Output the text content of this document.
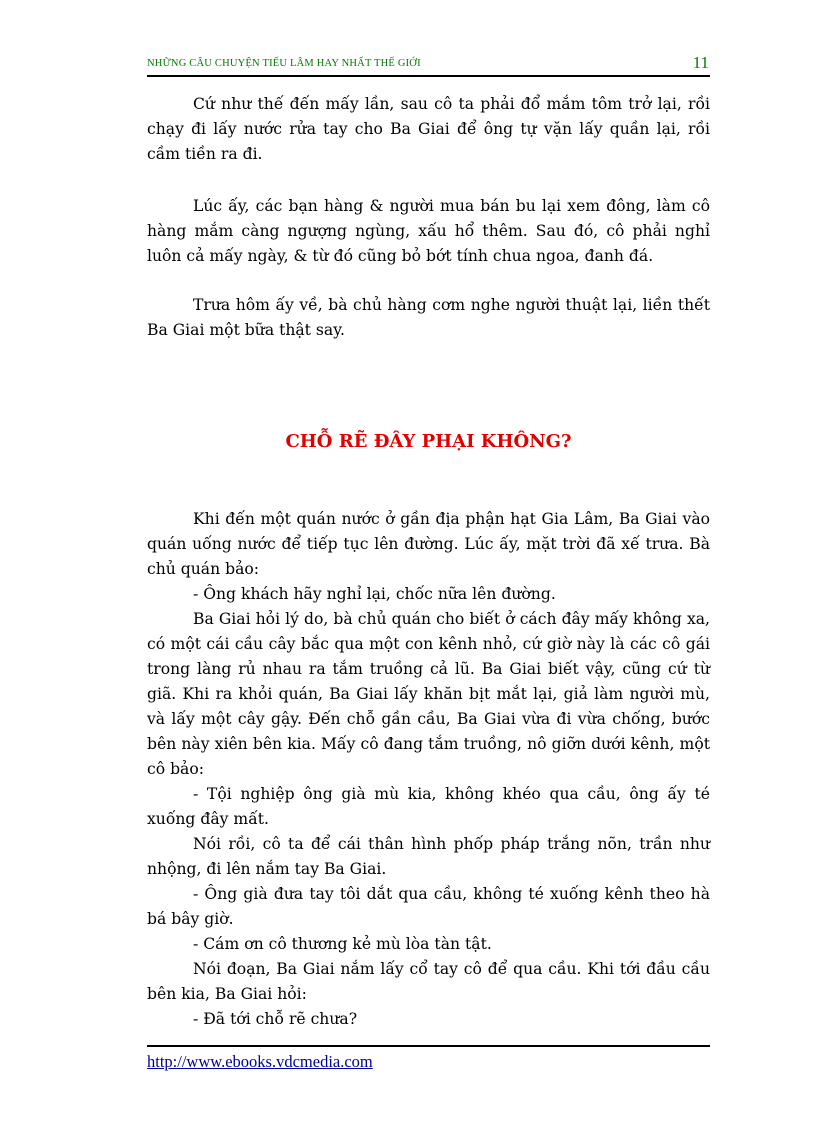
NHỮNG CÂU CHUYỆN TIẾU LÂM HAY NHẤT THẾ GIỚI	11

Cứ như thế đến mấy lần, sau cô ta phải đổ mắm tôm trở lại, rồi chạy đi lấy nước rửa tay cho Ba Giai để ông tự vặn lấy quần lại, rồi cầm tiền ra đi.

Lúc ấy, các bạn hàng & người mua bán bu lại xem đông, làm cô hàng mắm càng ngượng ngùng, xấu hổ thêm. Sau đó, cô phải nghỉ luôn cả mấy ngày, & từ đó cũng bỏ bớt tính chua ngoa, đanh đá.

Trưa hôm ấy về, bà chủ hàng cơm nghe người thuật lại, liền thết Ba Giai một bữa thật say.

CHỖ RẼ ĐÂY PHẠI KHÔNG?

Khi đến một quán nước ở gần địa phận hạt Gia Lâm, Ba Giai vào quán uống nước để tiếp tục lên đường. Lúc ấy, mặt trời đã xế trưa. Bà chủ quán bảo:

- Ông khách hãy nghỉ lại, chốc nữa lên đường.

Ba Giai hỏi lý do, bà chủ quán cho biết ở cách đây mấy không xa, có một cái cầu cây bắc qua một con kênh nhỏ, cứ giờ này là các cô gái trong làng rủ nhau ra tắm truồng cả lũ. Ba Giai biết vậy, cũng cứ từ giã. Khi ra khỏi quán, Ba Giai lấy khăn bịt mắt lại, giả làm người mù, và lấy một cây gậy. Đến chỗ gần cầu, Ba Giai vừa đi vừa chống, bước bên này xiên bên kia. Mấy cô đang tắm truồng, nô giỡn dưới kênh, một cô bảo:

- Tội nghiệp ông già mù kia, không khéo qua cầu, ông ấy té xuống đây mất.

Nói rồi, cô ta để cái thân hình phốp pháp trắng nõn, trần như nhộng, đi lên nắm tay Ba Giai.

- Ông già đưa tay tôi dắt qua cầu, không té xuống kênh theo hà bá bây giờ.

- Cám ơn cô thương kẻ mù lòa tàn tật.

Nói đoạn, Ba Giai nắm lấy cổ tay cô để qua cầu. Khi tới đầu cầu bên kia, Ba Giai hỏi:

- Đã tới chỗ rẽ chưa?

http://www.ebooks.vdcmedia.com
